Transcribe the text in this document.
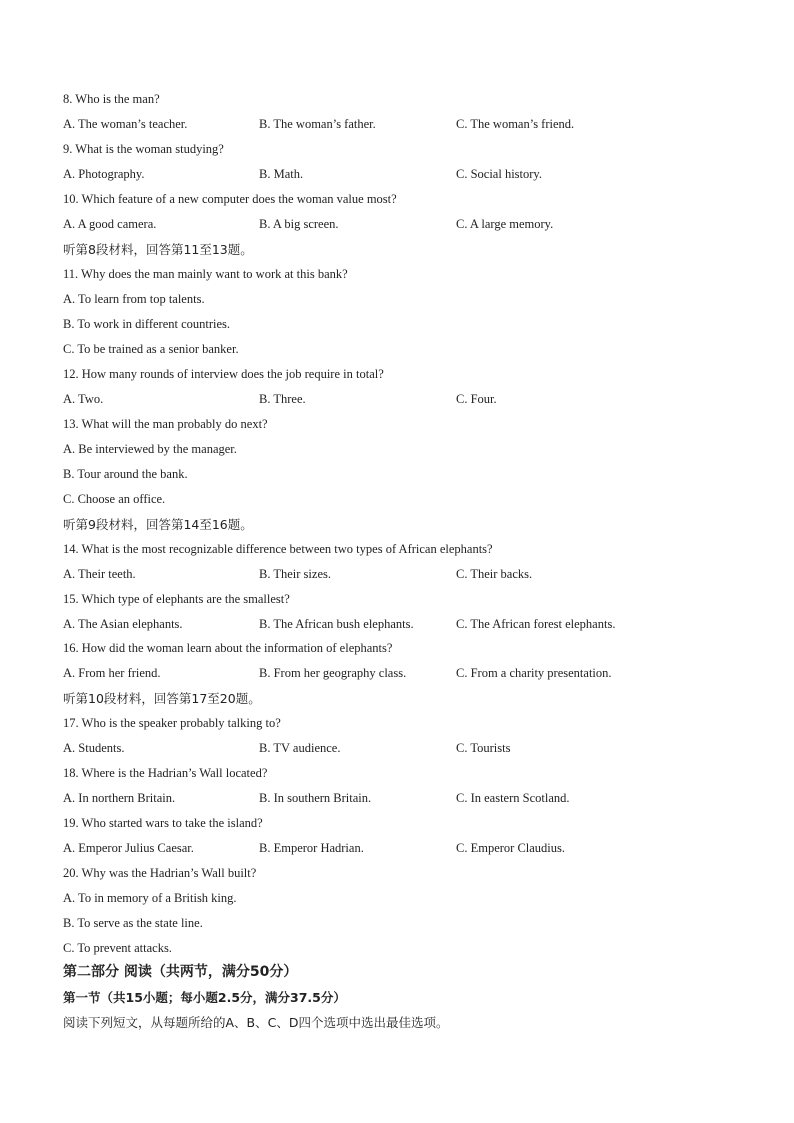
8. Who is the man?
A. The woman’s teacher.	B. The woman’s father.	C. The woman’s friend.
9. What is the woman studying?
A. Photography.	B. Math.	C. Social history.
10. Which feature of a new computer does the woman value most?
A. A good camera.	B. A big screen.	C. A large memory.
听第8段材料，回答第11至13题。
11. Why does the man mainly want to work at this bank?
A. To learn from top talents.
B. To work in different countries.
C. To be trained as a senior banker.
12. How many rounds of interview does the job require in total?
A. Two.	B. Three.	C. Four.
13. What will the man probably do next?
A. Be interviewed by the manager.
B. Tour around the bank.
C. Choose an office.
听第9段材料，回答第14至16题。
14. What is the most recognizable difference between two types of African elephants?
A. Their teeth.	B. Their sizes.	C. Their backs.
15. Which type of elephants are the smallest?
A. The Asian elephants.	B. The African bush elephants.	C. The African forest elephants.
16. How did the woman learn about the information of elephants?
A. From her friend.	B. From her geography class.	C. From a charity presentation.
听第10段材料，回答第17至20题。
17. Who is the speaker probably talking to?
A. Students.	B. TV audience.	C. Tourists
18. Where is the Hadrian’s Wall located?
A. In northern Britain.	B. In southern Britain.	C. In eastern Scotland.
19. Who started wars to take the island?
A. Emperor Julius Caesar.	B. Emperor Hadrian.	C. Emperor Claudius.
20. Why was the Hadrian’s Wall built?
A. To in memory of a British king.
B. To serve as the state line.
C. To prevent attacks.
第二部分 阅读（共两节，满分50分）
第一节（共15小题；每小题2.5分，满分37.5分）
阅读下列短文，从每题所给的A、B、C、D四个选项中选出最佳选项。
